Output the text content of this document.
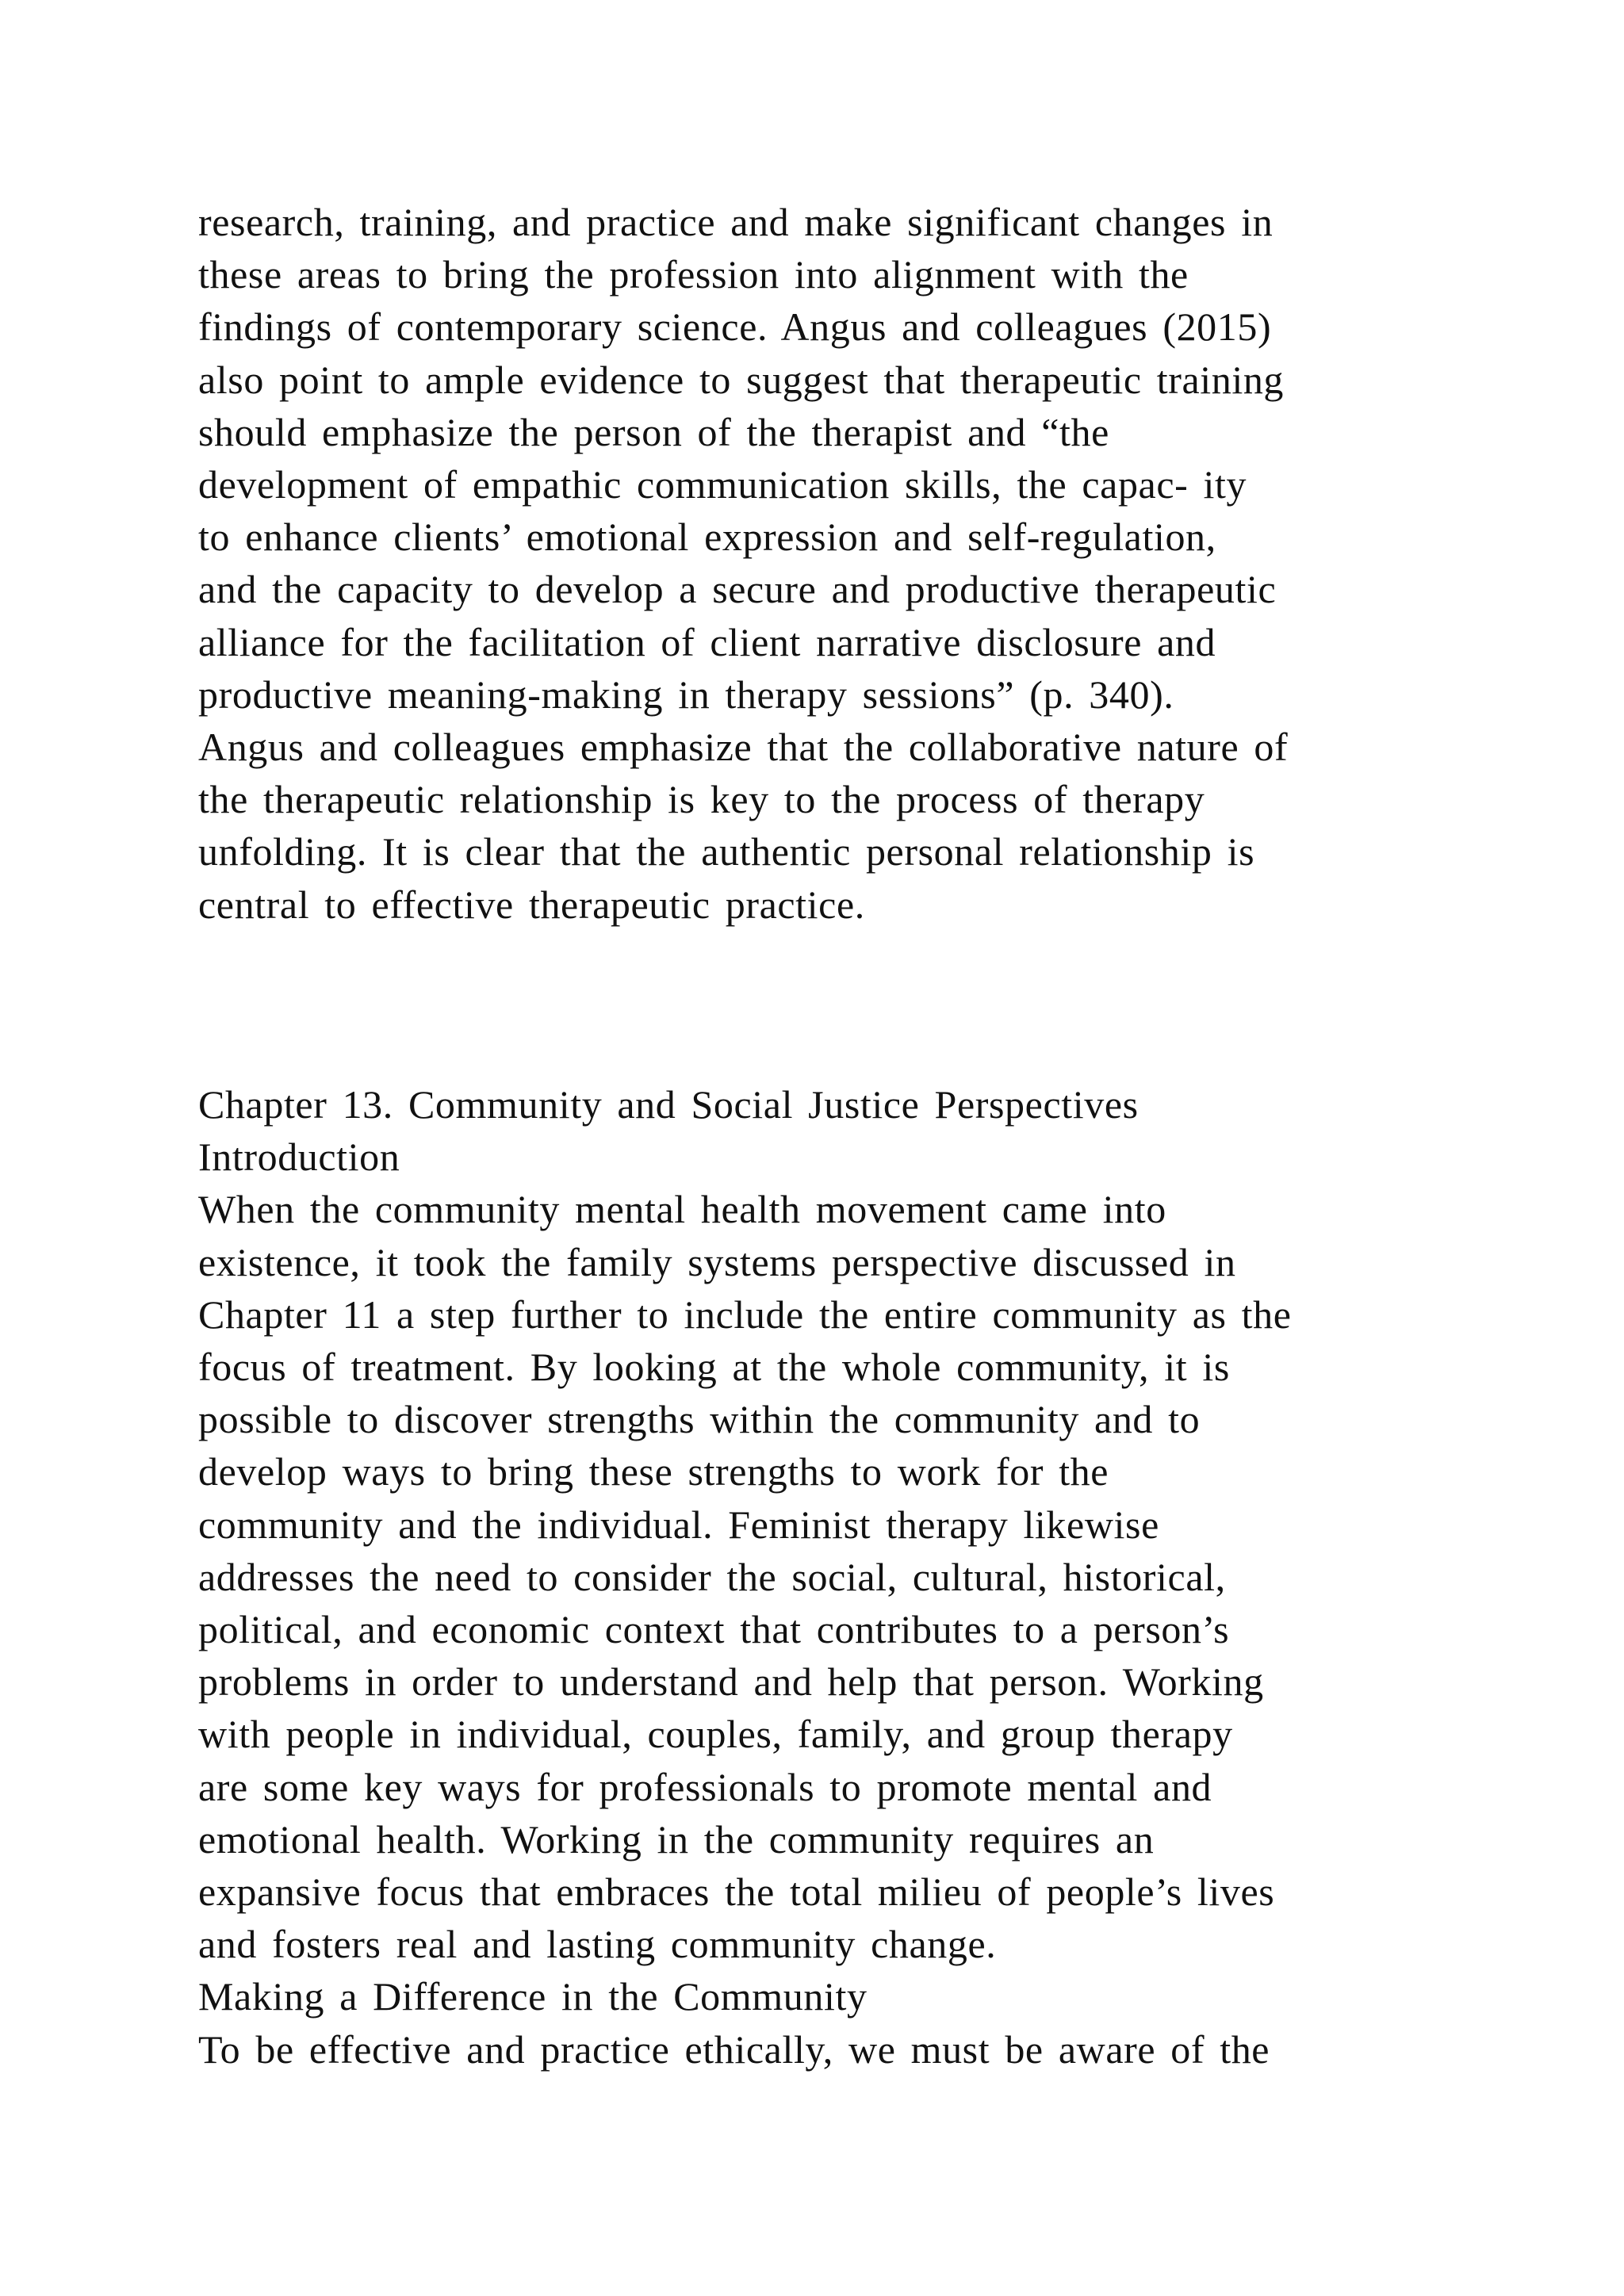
research, training, and practice and make significant changes in
these areas to bring the profession into alignment with the
findings of contemporary science. Angus and colleagues (2015)
also point to ample evidence to suggest that therapeutic training
should emphasize the person of the therapist and “the
development of empathic communication skills, the capac- ity
to enhance clients’ emotional expression and self-regulation,
and the capacity to develop a secure and productive therapeutic
alliance for the facilitation of client narrative disclosure and
productive meaning-making in therapy sessions” (p. 340).
Angus and colleagues emphasize that the collaborative nature of
the therapeutic relationship is key to the process of therapy
unfolding. It is clear that the authentic personal relationship is
central to effective therapeutic practice.
Chapter 13. Community and Social Justice Perspectives
Introduction
When the community mental health movement came into
existence, it took the family systems perspective discussed in
Chapter 11 a step further to include the entire community as the
focus of treatment. By looking at the whole community, it is
possible to discover strengths within the community and to
develop ways to bring these strengths to work for the
community and the individual. Feminist therapy likewise
addresses the need to consider the social, cultural, historical,
political, and economic context that contributes to a person’s
problems in order to understand and help that person. Working
with people in individual, couples, family, and group therapy
are some key ways for professionals to promote mental and
emotional health. Working in the community requires an
expansive focus that embraces the total milieu of people’s lives
and fosters real and lasting community change.
Making a Difference in the Community
To be effective and practice ethically, we must be aware of the
